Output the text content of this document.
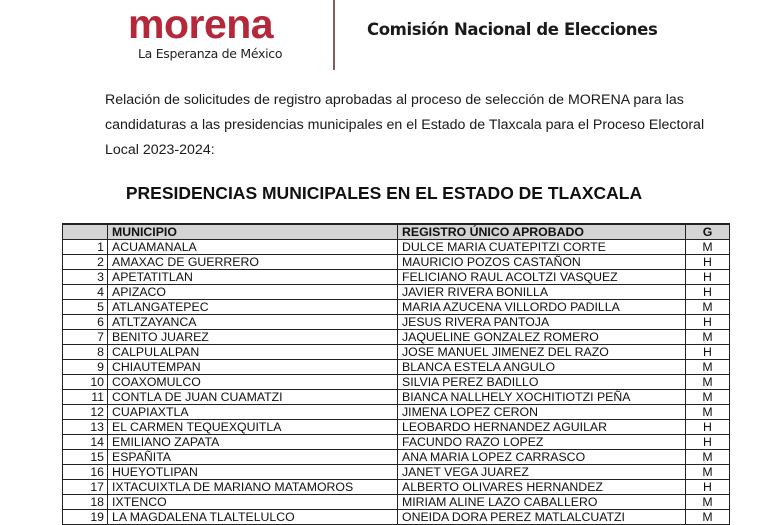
morena
La Esperanza de México
Comisión Nacional de Elecciones
Relación de solicitudes de registro aprobadas al proceso de selección de MORENA para las candidaturas a las presidencias municipales en el Estado de Tlaxcala para el Proceso Electoral Local 2023-2024:
PRESIDENCIAS MUNICIPALES EN EL ESTADO DE TLAXCALA
	MUNICIPIO	REGISTRO ÚNICO APROBADO	G
1	ACUAMANALA	DULCE MARIA CUATEPITZI CORTE	M
2	AMAXAC DE GUERRERO	MAURICIO POZOS CASTAÑON	H
3	APETATITLAN	FELICIANO RAUL ACOLTZI VASQUEZ	H
4	APIZACO	JAVIER RIVERA BONILLA	H
5	ATLANGATEPEC	MARIA AZUCENA VILLORDO PADILLA	M
6	ATLTZAYANCA	JESUS RIVERA PANTOJA	H
7	BENITO JUAREZ	JAQUELINE GONZALEZ ROMERO	M
8	CALPULALPAN	JOSE MANUEL JIMENEZ DEL RAZO	H
9	CHIAUTEMPAN	BLANCA ESTELA ANGULO	M
10	COAXOMULCO	SILVIA PEREZ BADILLO	M
11	CONTLA DE JUAN CUAMATZI	BIANCA NALLHELY XOCHITIOTZI PEÑA	M
12	CUAPIAXTLA	JIMENA LOPEZ CERON	M
13	EL CARMEN TEQUEXQUITLA	LEOBARDO HERNANDEZ AGUILAR	H
14	EMILIANO ZAPATA	FACUNDO RAZO LOPEZ	H
15	ESPAÑITA	ANA MARIA LOPEZ CARRASCO	M
16	HUEYOTLIPAN	JANET VEGA JUAREZ	M
17	IXTACUIXTLA DE MARIANO MATAMOROS	ALBERTO OLIVARES HERNANDEZ	H
18	IXTENCO	MIRIAM ALINE LAZO CABALLERO	M
19	LA MAGDALENA TLALTELULCO	ONEIDA DORA PEREZ MATLALCUATZI	M
